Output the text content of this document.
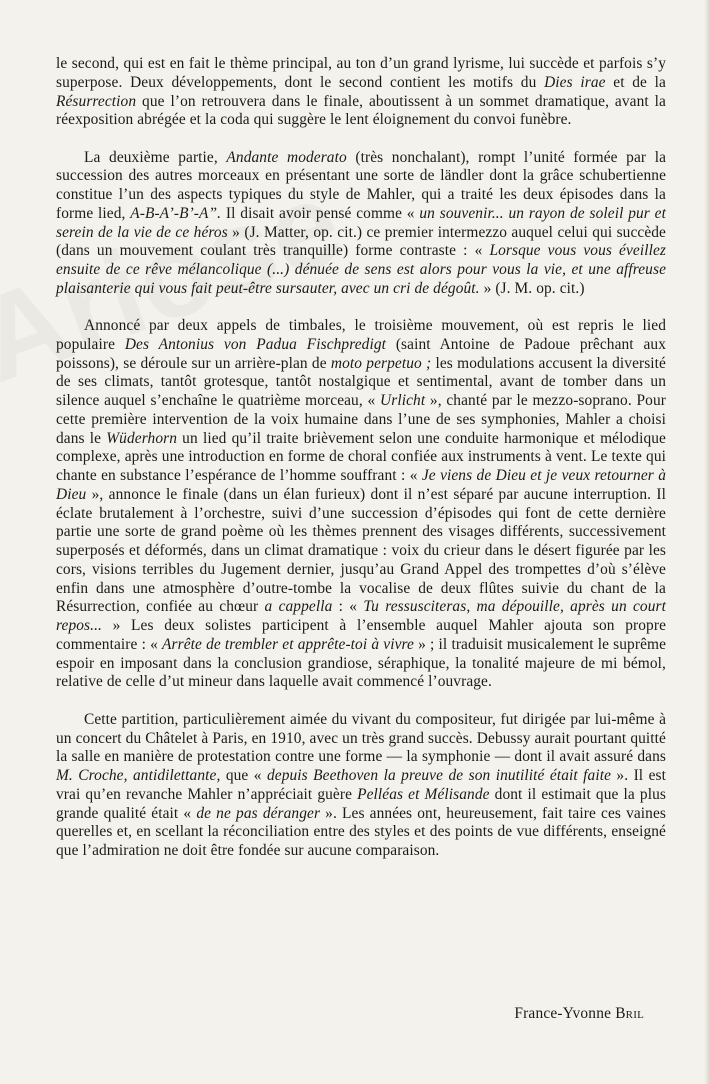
le second, qui est en fait le thème principal, au ton d’un grand lyrisme, lui succède et parfois s’y superpose. Deux développements, dont le second contient les motifs du Dies irae et de la Résurrection que l’on retrouvera dans le finale, aboutissent à un sommet dramatique, avant la réexposition abrégée et la coda qui suggère le lent éloignement du convoi funèbre.

La deuxième partie, Andante moderato (très nonchalant), rompt l’unité formée par la succession des autres morceaux en présentant une sorte de ländler dont la grâce schubertienne constitue l’un des aspects typiques du style de Mahler, qui a traité les deux épisodes dans la forme lied, A-B-A’-B’-A”. Il disait avoir pensé comme « un souvenir... un rayon de soleil pur et serein de la vie de ce héros » (J. Matter, op. cit.) ce premier intermezzo auquel celui qui succède (dans un mouvement coulant très tranquille) forme contraste : « Lorsque vous vous éveillez ensuite de ce rêve mélancolique (...) dénuée de sens est alors pour vous la vie, et une affreuse plaisanterie qui vous fait peut-être sursauter, avec un cri de dégoût. » (J. M. op. cit.)

Annoncé par deux appels de timbales, le troisième mouvement, où est repris le lied populaire Des Antonius von Padua Fischpredigt (saint Antoine de Padoue prêchant aux poissons), se déroule sur un arrière-plan de moto perpetuo ; les modulations accusent la diversité de ses climats, tantôt grotesque, tantôt nostalgique et sentimental, avant de tomber dans un silence auquel s’enchaîne le quatrième morceau, « Urlicht », chanté par le mezzo-soprano. Pour cette première intervention de la voix humaine dans l’une de ses symphonies, Mahler a choisi dans le Wüderhorn un lied qu’il traite brièvement selon une conduite harmonique et mélodique complexe, après une introduction en forme de choral confiée aux instruments à vent. Le texte qui chante en substance l’espérance de l’homme souffrant : « Je viens de Dieu et je veux retourner à Dieu », annonce le finale (dans un élan furieux) dont il n’est séparé par aucune interruption. Il éclate brutalement à l’orchestre, suivi d’une succession d’épisodes qui font de cette dernière partie une sorte de grand poème où les thèmes prennent des visages différents, successivement superposés et déformés, dans un climat dramatique : voix du crieur dans le désert figurée par les cors, visions terribles du Jugement dernier, jusqu’au Grand Appel des trompettes d’où s’élève enfin dans une atmosphère d’outre-tombe la vocalise de deux flûtes suivie du chant de la Résurrection, confiée au chœur a cappella : « Tu ressusciteras, ma dépouille, après un court repos... » Les deux solistes participent à l’ensemble auquel Mahler ajouta son propre commentaire : « Arrête de trembler et apprête-toi à vivre » ; il traduisit musicalement le suprême espoir en imposant dans la conclusion grandiose, séraphique, la tonalité majeure de mi bémol, relative de celle d’ut mineur dans laquelle avait commencé l’ouvrage.

Cette partition, particulièrement aimée du vivant du compositeur, fut dirigée par lui-même à un concert du Châtelet à Paris, en 1910, avec un très grand succès. Debussy aurait pourtant quitté la salle en manière de protestation contre une forme — la symphonie — dont il avait assuré dans M. Croche, antidilettante, que « depuis Beethoven la preuve de son inutilité était faite ». Il est vrai qu’en revanche Mahler n’appréciait guère Pelléas et Mélisande dont il estimait que la plus grande qualité était « de ne pas déranger ». Les années ont, heureusement, fait taire ces vaines querelles et, en scellant la réconciliation entre des styles et des points de vue différents, enseigné que l’admiration ne doit être fondée sur aucune comparaison.

France-Yvonne Bril
